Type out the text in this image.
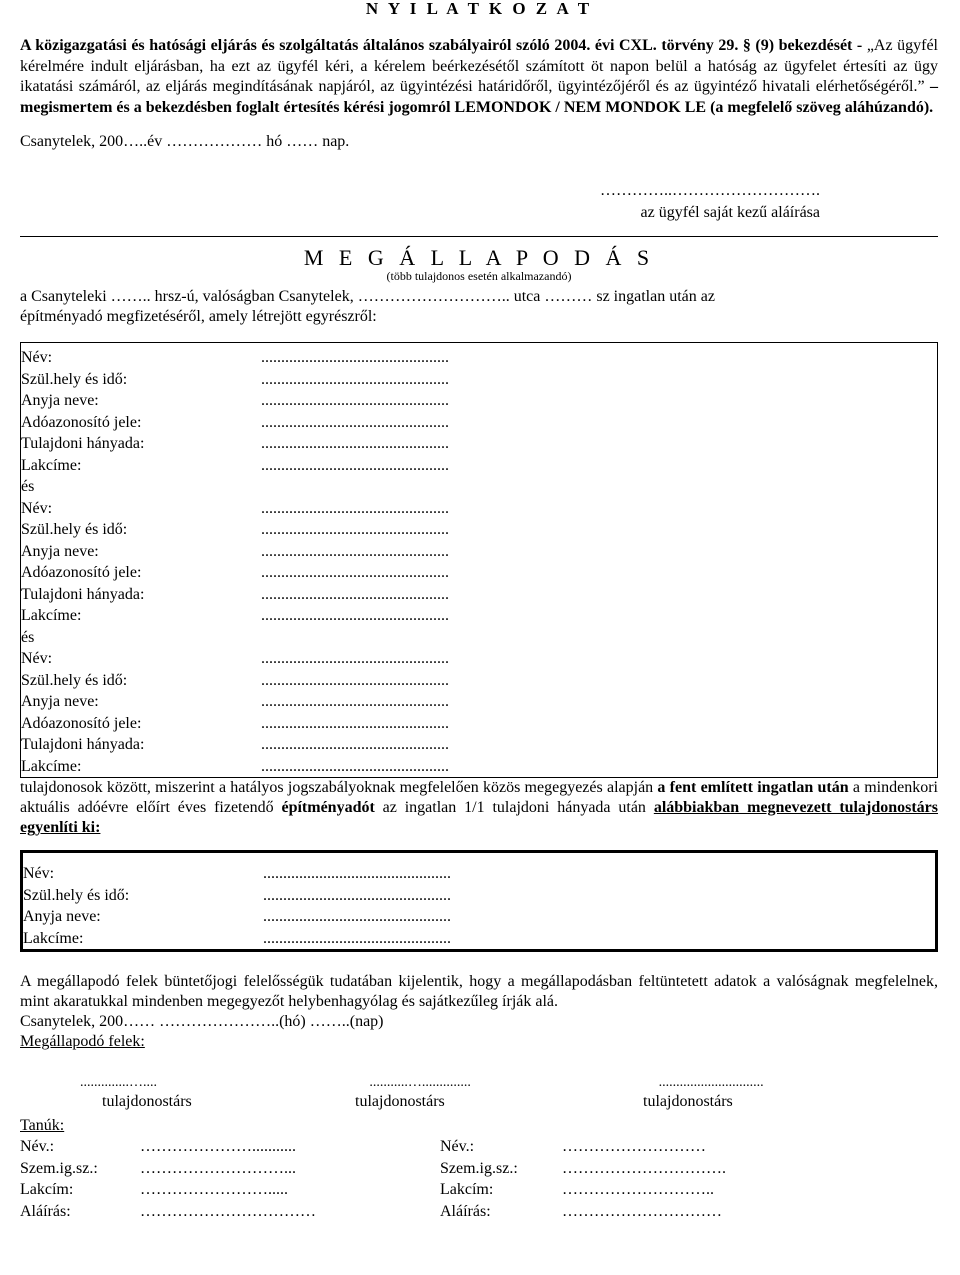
N Y I L A T K O Z A T
A közigazgatási és hatósági eljárás és szolgáltatás általános szabályairól szóló 2004. évi CXL. törvény 29. § (9) bekezdését - „Az ügyfél kérelmére indult eljárásban, ha ezt az ügyfél kéri, a kérelem beérkezésétől számított öt napon belül a hatóság az ügyfelet értesíti az ügy ikatatási számáról, az eljárás megindításának napjáról, az ügyintézési határidőről, ügyintézőjéről és az ügyintéző hivatali elérhetőségéről.” – megismertem és a bekezdésben foglalt értesítés kérési jogomról LEMONDOK / NEM MONDOK LE (a megfelelő szöveg aláhúzandó).
Csanytelek, 200…..év ……………… hó …… nap.
…………..……………………….
az ügyfél saját kezű aláírása
M E G Á L L A P O D Á S
(több tulajdonos esetén alkalmazandó)
a Csanyteleki …….. hrsz-ú, valóságban Csanytelek, ……………………….. utca ……… sz ingatlan után az
építményadó megfizetéséről, amely létrejött egyrészről:
Név:	...............................................
Szül.hely és idő:	...............................................
Anyja neve:	...............................................
Adóazonosító jele:	...............................................
Tulajdoni hányada:	...............................................
Lakcíme:	...............................................
és
Név:	...............................................
Szül.hely és idő:	...............................................
Anyja neve:	...............................................
Adóazonosító jele:	...............................................
Tulajdoni hányada:	...............................................
Lakcíme:	...............................................
és
Név:	...............................................
Szül.hely és idő:	...............................................
Anyja neve:	...............................................
Adóazonosító jele:	...............................................
Tulajdoni hányada:	...............................................
Lakcíme:	...............................................
tulajdonosok között, miszerint a hatályos jogszabályoknak megfelelően közös megegyezés alapján a fent említett ingatlan után a mindenkori aktuális adóévre előírt éves fizetendő építményadót az ingatlan 1/1 tulajdoni hányada után alábbiakban megnevezett tulajdonostárs egyenlíti ki:
Név:	...............................................
Szül.hely és idő:	...............................................
Anyja neve:	...............................................
Lakcíme:	...............................................
A megállapodó felek büntetőjogi felelősségük tudatában kijelentik, hogy a megállapodásban feltüntetett adatok a valóságnak megfelelnek, mint akaratukkal mindenben megegyezőt helybenhagyólag és sajátkezűleg írják alá.
Csanytelek, 200…… …………………..(hó) ……..(nap)
Megállapodó felek:
..............…....	...........…..............	..............................
tulajdonostárs	tulajdonostárs	tulajdonostárs
Tanúk:
Név.:	…………………...........	Név.:	………………………
Szem.ig.sz.:	………………………...	Szem.ig.sz.:	………………………….
Lakcím:	…………………….....	Lakcím:	………………………..
Aláírás:	……………………………	Aláírás:	…………………………
